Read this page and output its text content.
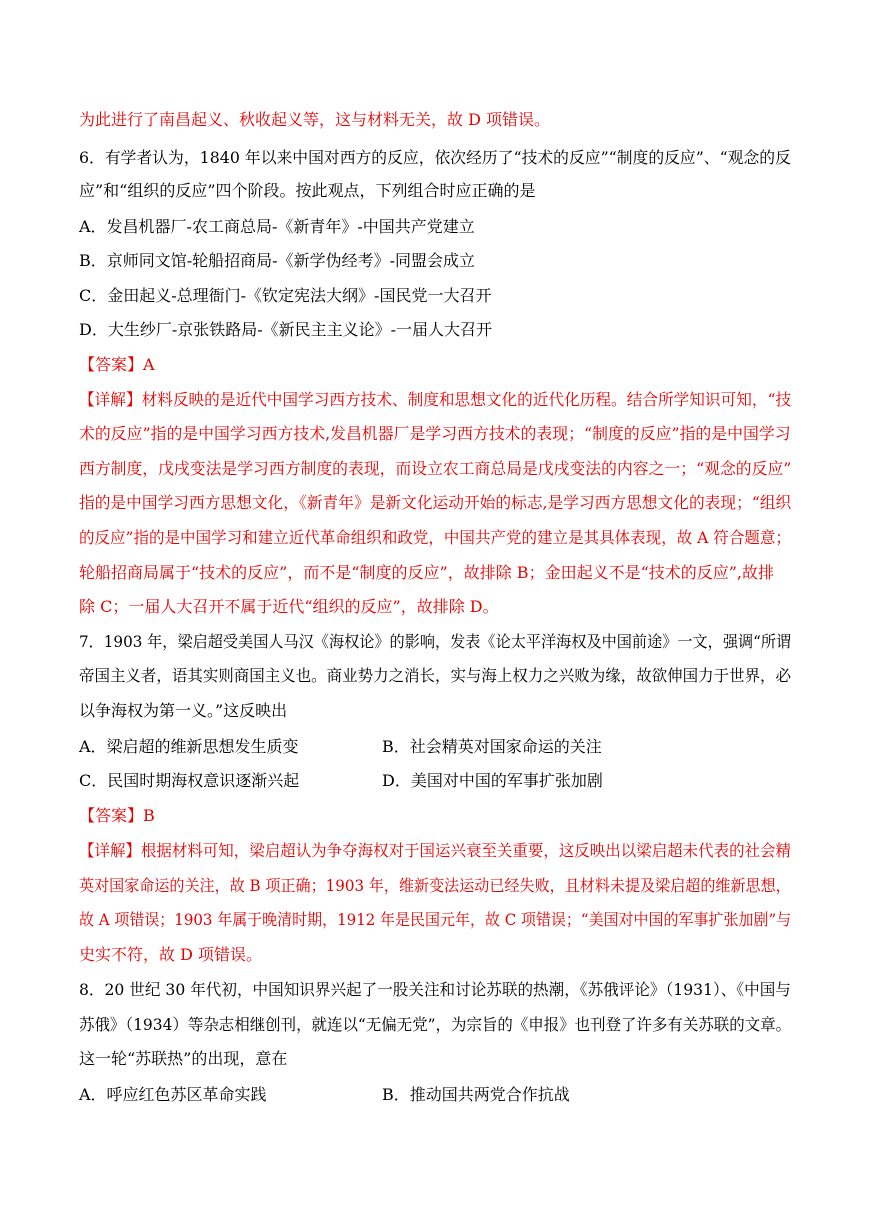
为此进行了南昌起义、秋收起义等，这与材料无关，故 D 项错误。
6．有学者认为，1840 年以来中国对西方的反应，依次经历了“技术的反应”“制度的反应”、“观念的反
应”和“组织的反应”四个阶段。按此观点，下列组合时应正确的是
A．发昌机器厂-农工商总局-《新青年》-中国共产党建立
B．京师同文馆-轮船招商局-《新学伪经考》-同盟会成立
C．金田起义-总理衙门-《钦定宪法大纲》-国民党一大召开
D．大生纱厂-京张铁路局-《新民主主义论》-一届人大召开
【答案】A
【详解】材料反映的是近代中国学习西方技术、制度和思想文化的近代化历程。结合所学知识可知，“技
术的反应”指的是中国学习西方技术,发昌机器厂是学习西方技术的表现；“制度的反应”指的是中国学习
西方制度，戊戌变法是学习西方制度的表现，而设立农工商总局是戊戌变法的内容之一；“观念的反应”
指的是中国学习西方思想文化，《新青年》是新文化运动开始的标志,是学习西方思想文化的表现；“组织
的反应”指的是中国学习和建立近代革命组织和政党，中国共产党的建立是其具体表现，故 A 符合题意；
轮船招商局属于“技术的反应”，而不是“制度的反应”，故排除 B；金田起义不是“技术的反应”,故排
除 C；一届人大召开不属于近代“组织的反应”，故排除 D。
7．1903 年，梁启超受美国人马汉《海权论》的影响，发表《论太平洋海权及中国前途》一文，强调“所谓
帝国主义者，语其实则商国主义也。商业势力之消长，实与海上权力之兴败为缘，故欲伸国力于世界，必
以争海权为第一义。”这反映出
A．梁启超的维新思想发生质变	B．社会精英对国家命运的关注
C．民国时期海权意识逐渐兴起	D．美国对中国的军事扩张加剧
【答案】B
【详解】根据材料可知，梁启超认为争夺海权对于国运兴衰至关重要，这反映出以梁启超未代表的社会精
英对国家命运的关注，故 B 项正确；1903 年，维新变法运动已经失败，且材料未提及梁启超的维新思想，
故 A 项错误；1903 年属于晚清时期，1912 年是民国元年，故 C 项错误；“美国对中国的军事扩张加剧”与
史实不符，故 D 项错误。
8．20 世纪 30 年代初，中国知识界兴起了一股关注和讨论苏联的热潮，《苏俄评论》（1931）、《中国与
苏俄》（1934）等杂志相继创刊，就连以“无偏无党”，为宗旨的《申报》也刊登了许多有关苏联的文章。
这一轮“苏联热”的出现，意在
A．呼应红色苏区革命实践	B．推动国共两党合作抗战
